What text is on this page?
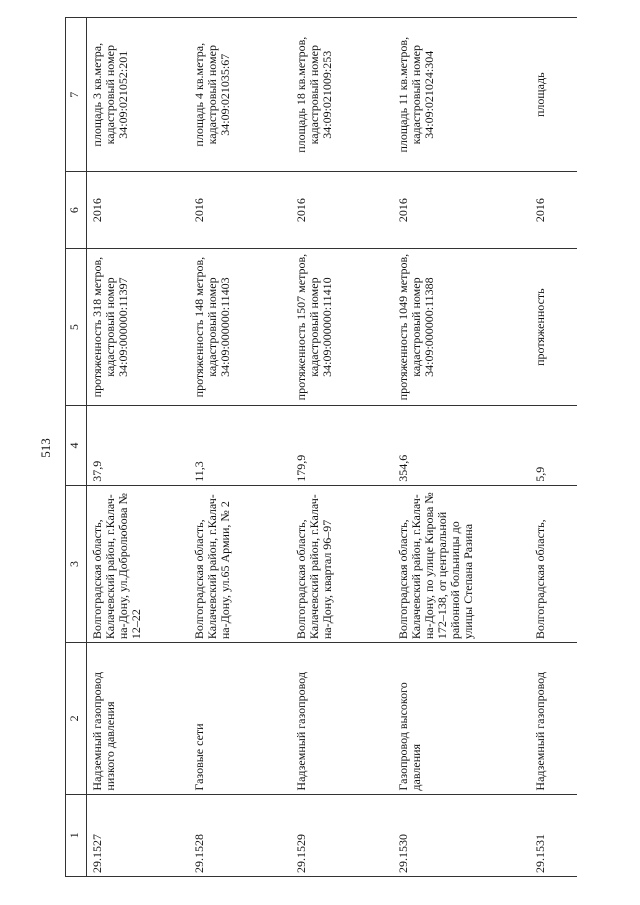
513
1	2	3	4	5	6	7
29.1527	Надземный газопровод низкого давления	Волгоградская область, Калачевский район, г.Калач-на-Дону, ул.Добролюбова № 12–22	37,9	протяженность 318 метров, кадастровый номер 34:09:000000:11397	2016	площадь 3 кв.метра, кадастровый номер 34:09:021052:201
29.1528	Газовые сети	Волгоградская область, Калачевский район, г.Калач-на-Дону, ул.65 Армии, № 2	11,3	протяженность 148 метров, кадастровый номер 34:09:000000:11403	2016	площадь 4 кв.метра, кадастровый номер 34:09:021035:67
29.1529	Надземный газопровод	Волгоградская область, Калачевский район, г.Калач-на-Дону, квартал 96–97	179,9	протяженность 1507 метров, кадастровый номер 34:09:000000:11410	2016	площадь 18 кв.метров, кадастровый номер 34:09:021009:253
29.1530	Газопровод высокого давления	Волгоградская область, Калачевский район, г.Калач-на-Дону, по улице Кирова № 172–138, от центральной районной больницы до улицы Степана Разина	354,6	протяженность 1049 метров, кадастровый номер 34:09:000000:11388	2016	площадь 11 кв.метров, кадастровый номер 34:09:021024:304
29.1531	Надземный газопровод	Волгоградская область,	5,9	протяженность	2016	площадь
